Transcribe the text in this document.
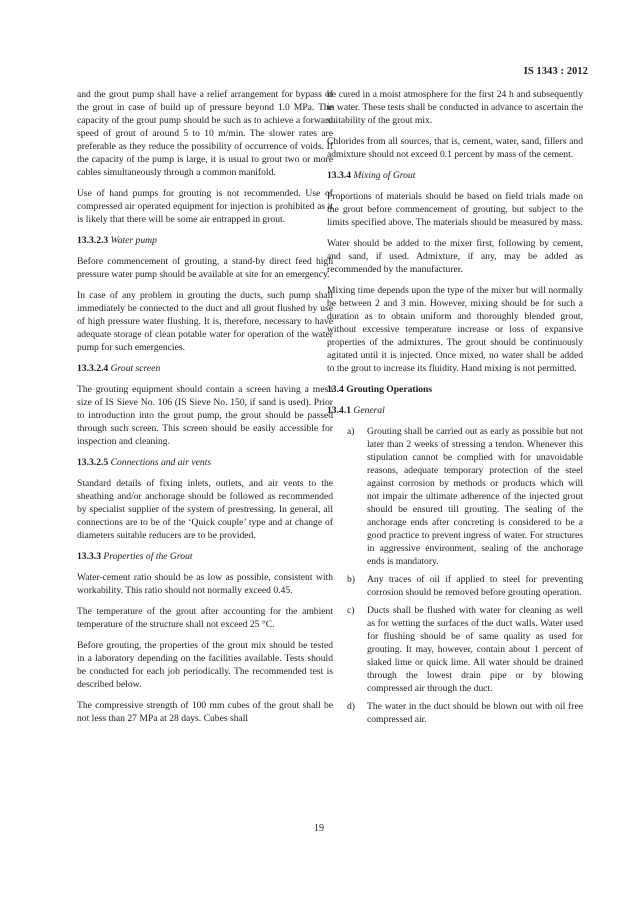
IS 1343 : 2012
and the grout pump shall have a relief arrangement for bypass of the grout in case of build up of pressure beyond 1.0 MPa. The capacity of the grout pump should be such as to achieve a forward speed of grout of around 5 to 10 m/min. The slower rates are preferable as they reduce the possibility of occurrence of voids. If the capacity of the pump is large, it is usual to grout two or more cables simultaneously through a common manifold.
Use of hand pumps for grouting is not recommended. Use of compressed air operated equipment for injection is prohibited as it is likely that there will be some air entrapped in grout.
13.3.2.3 Water pump
Before commencement of grouting, a stand-by direct feed high pressure water pump should be available at site for an emergency.
In case of any problem in grouting the ducts, such pump shall immediately be connected to the duct and all grout flushed by use of high pressure water flushing. It is, therefore, necessary to have adequate storage of clean potable water for operation of the water pump for such emergencies.
13.3.2.4 Grout screen
The grouting equipment should contain a screen having a mesh size of IS Sieve No. 106 (IS Sieve No. 150, if sand is used). Prior to introduction into the grout pump, the grout should be passed through such screen. This screen should be easily accessible for inspection and cleaning.
13.3.2.5 Connections and air vents
Standard details of fixing inlets, outlets, and air vents to the sheathing and/or anchorage should be followed as recommended by specialist supplier of the system of prestressing. In general, all connections are to be of the ‘Quick couple’ type and at change of diameters suitable reducers are to be provided.
13.3.3 Properties of the Grout
Water-cement ratio should be as low as possible, consistent with workability. This ratio should not normally exceed 0.45.
The temperature of the grout after accounting for the ambient temperature of the structure shall not exceed 25 °C.
Before grouting, the properties of the grout mix should be tested in a laboratory depending on the facilities available. Tests should be conducted for each job periodically. The recommended test is described below.
The compressive strength of 100 mm cubes of the grout shall be not less than 27 MPa at 28 days. Cubes shall
be cured in a moist atmosphere for the first 24 h and subsequently in water. These tests shall be conducted in advance to ascertain the suitability of the grout mix.
Chlorides from all sources, that is, cement, water, sand, fillers and admixture should not exceed 0.1 percent by mass of the cement.
13.3.4 Mixing of Grout
Proportions of materials should be based on field trials made on the grout before commencement of grouting, but subject to the limits specified above. The materials should be measured by mass.
Water should be added to the mixer first, following by cement, and sand, if used. Admixture, if any, may be added as recommended by the manufacturer.
Mixing time depends upon the type of the mixer but will normally be between 2 and 3 min. However, mixing should be for such a duration as to obtain uniform and thoroughly blended grout, without excessive temperature increase or loss of expansive properties of the admixtures. The grout should be continuously agitated until it is injected. Once mixed, no water shall be added to the grout to increase its fluidity. Hand mixing is not permitted.
13.4 Grouting Operations
13.4.1 General
a) Grouting shall be carried out as early as possible but not later than 2 weeks of stressing a tendon. Whenever this stipulation cannot be complied with for unavoidable reasons, adequate temporary protection of the steel against corrosion by methods or products which will not impair the ultimate adherence of the injected grout should be ensured till grouting. The sealing of the anchorage ends after concreting is considered to be a good practice to prevent ingress of water. For structures in aggressive environment, sealing of the anchorage ends is mandatory.
b) Any traces of oil if applied to steel for preventing corrosion should be removed before grouting operation.
c) Ducts shall be flushed with water for cleaning as well as for wetting the surfaces of the duct walls. Water used for flushing should be of same quality as used for grouting. It may, however, contain about 1 percent of slaked lime or quick lime. All water should be drained through the lowest drain pipe or by blowing compressed air through the duct.
d) The water in the duct should be blown out with oil free compressed air.
19
